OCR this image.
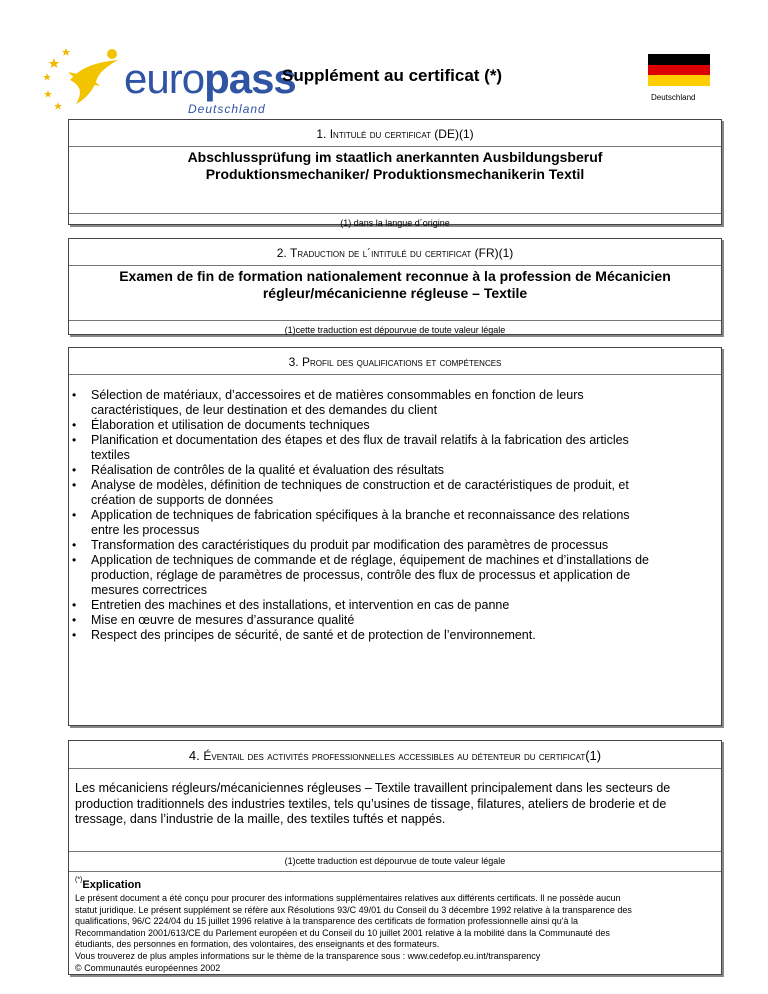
europass
Deutschland
Supplément au certificat (*)
Deutschland
1. Intitulé du certificat (DE)(1)
Abschlussprüfung im staatlich anerkannten Ausbildungsberuf
Produktionsmechaniker/ Produktionsmechanikerin Textil
(1) dans la langue d´origine
2. Traduction de l´intitulé du certificat (FR)(1)
Examen de fin de formation nationalement reconnue à la profession de Mécanicien
régleur/mécanicienne régleuse – Textile
(1)cette traduction est dépourvue de toute valeur légale
3. Profil des qualifications et compétences
• Sélection de matériaux, d’accessoires et de matières consommables en fonction de leurs
caractéristiques, de leur destination et des demandes du client
• Élaboration et utilisation de documents techniques
• Planification et documentation des étapes et des flux de travail relatifs à la fabrication des articles
textiles
• Réalisation de contrôles de la qualité et évaluation des résultats
• Analyse de modèles, définition de techniques de construction et de caractéristiques de produit, et
création de supports de données
• Application de techniques de fabrication spécifiques à la branche et reconnaissance des relations
entre les processus
• Transformation des caractéristiques du produit par modification des paramètres de processus
• Application de techniques de commande et de réglage, équipement de machines et d’installations de
production, réglage de paramètres de processus, contrôle des flux de processus et application de
mesures correctrices
• Entretien des machines et des installations, et intervention en cas de panne
• Mise en œuvre de mesures d’assurance qualité
• Respect des principes de sécurité, de santé et de protection de l’environnement.
4. Éventail des activités professionnelles accessibles au détenteur du certificat(1)
Les mécaniciens régleurs/mécaniciennes régleuses – Textile travaillent principalement dans les secteurs de
production traditionnels des industries textiles, tels qu’usines de tissage, filatures, ateliers de broderie et de
tressage, dans l’industrie de la maille, des textiles tuftés et nappés.
(1)cette traduction est dépourvue de toute valeur légale
(*)Explication
Le présent document a été conçu pour procurer des informations supplémentaires relatives aux différents certificats. Il ne possède aucun
statut juridique. Le présent supplément se réfère aux Résolutions 93/C 49/01 du Conseil du 3 décembre 1992 relative à la transparence des
qualifications, 96/C 224/04 du 15 juillet 1996 relative à la transparence des certificats de formation professionnelle ainsi qu'à la
Recommandation 2001/613/CE du Parlement européen et du Conseil du 10 juillet 2001 relative à la mobilité dans la Communauté des
étudiants, des personnes en formation, des volontaires, des enseignants et des formateurs.
Vous trouverez de plus amples informations sur le thème de la transparence sous : www.cedefop.eu.int/transparency
© Communautés européennes 2002
